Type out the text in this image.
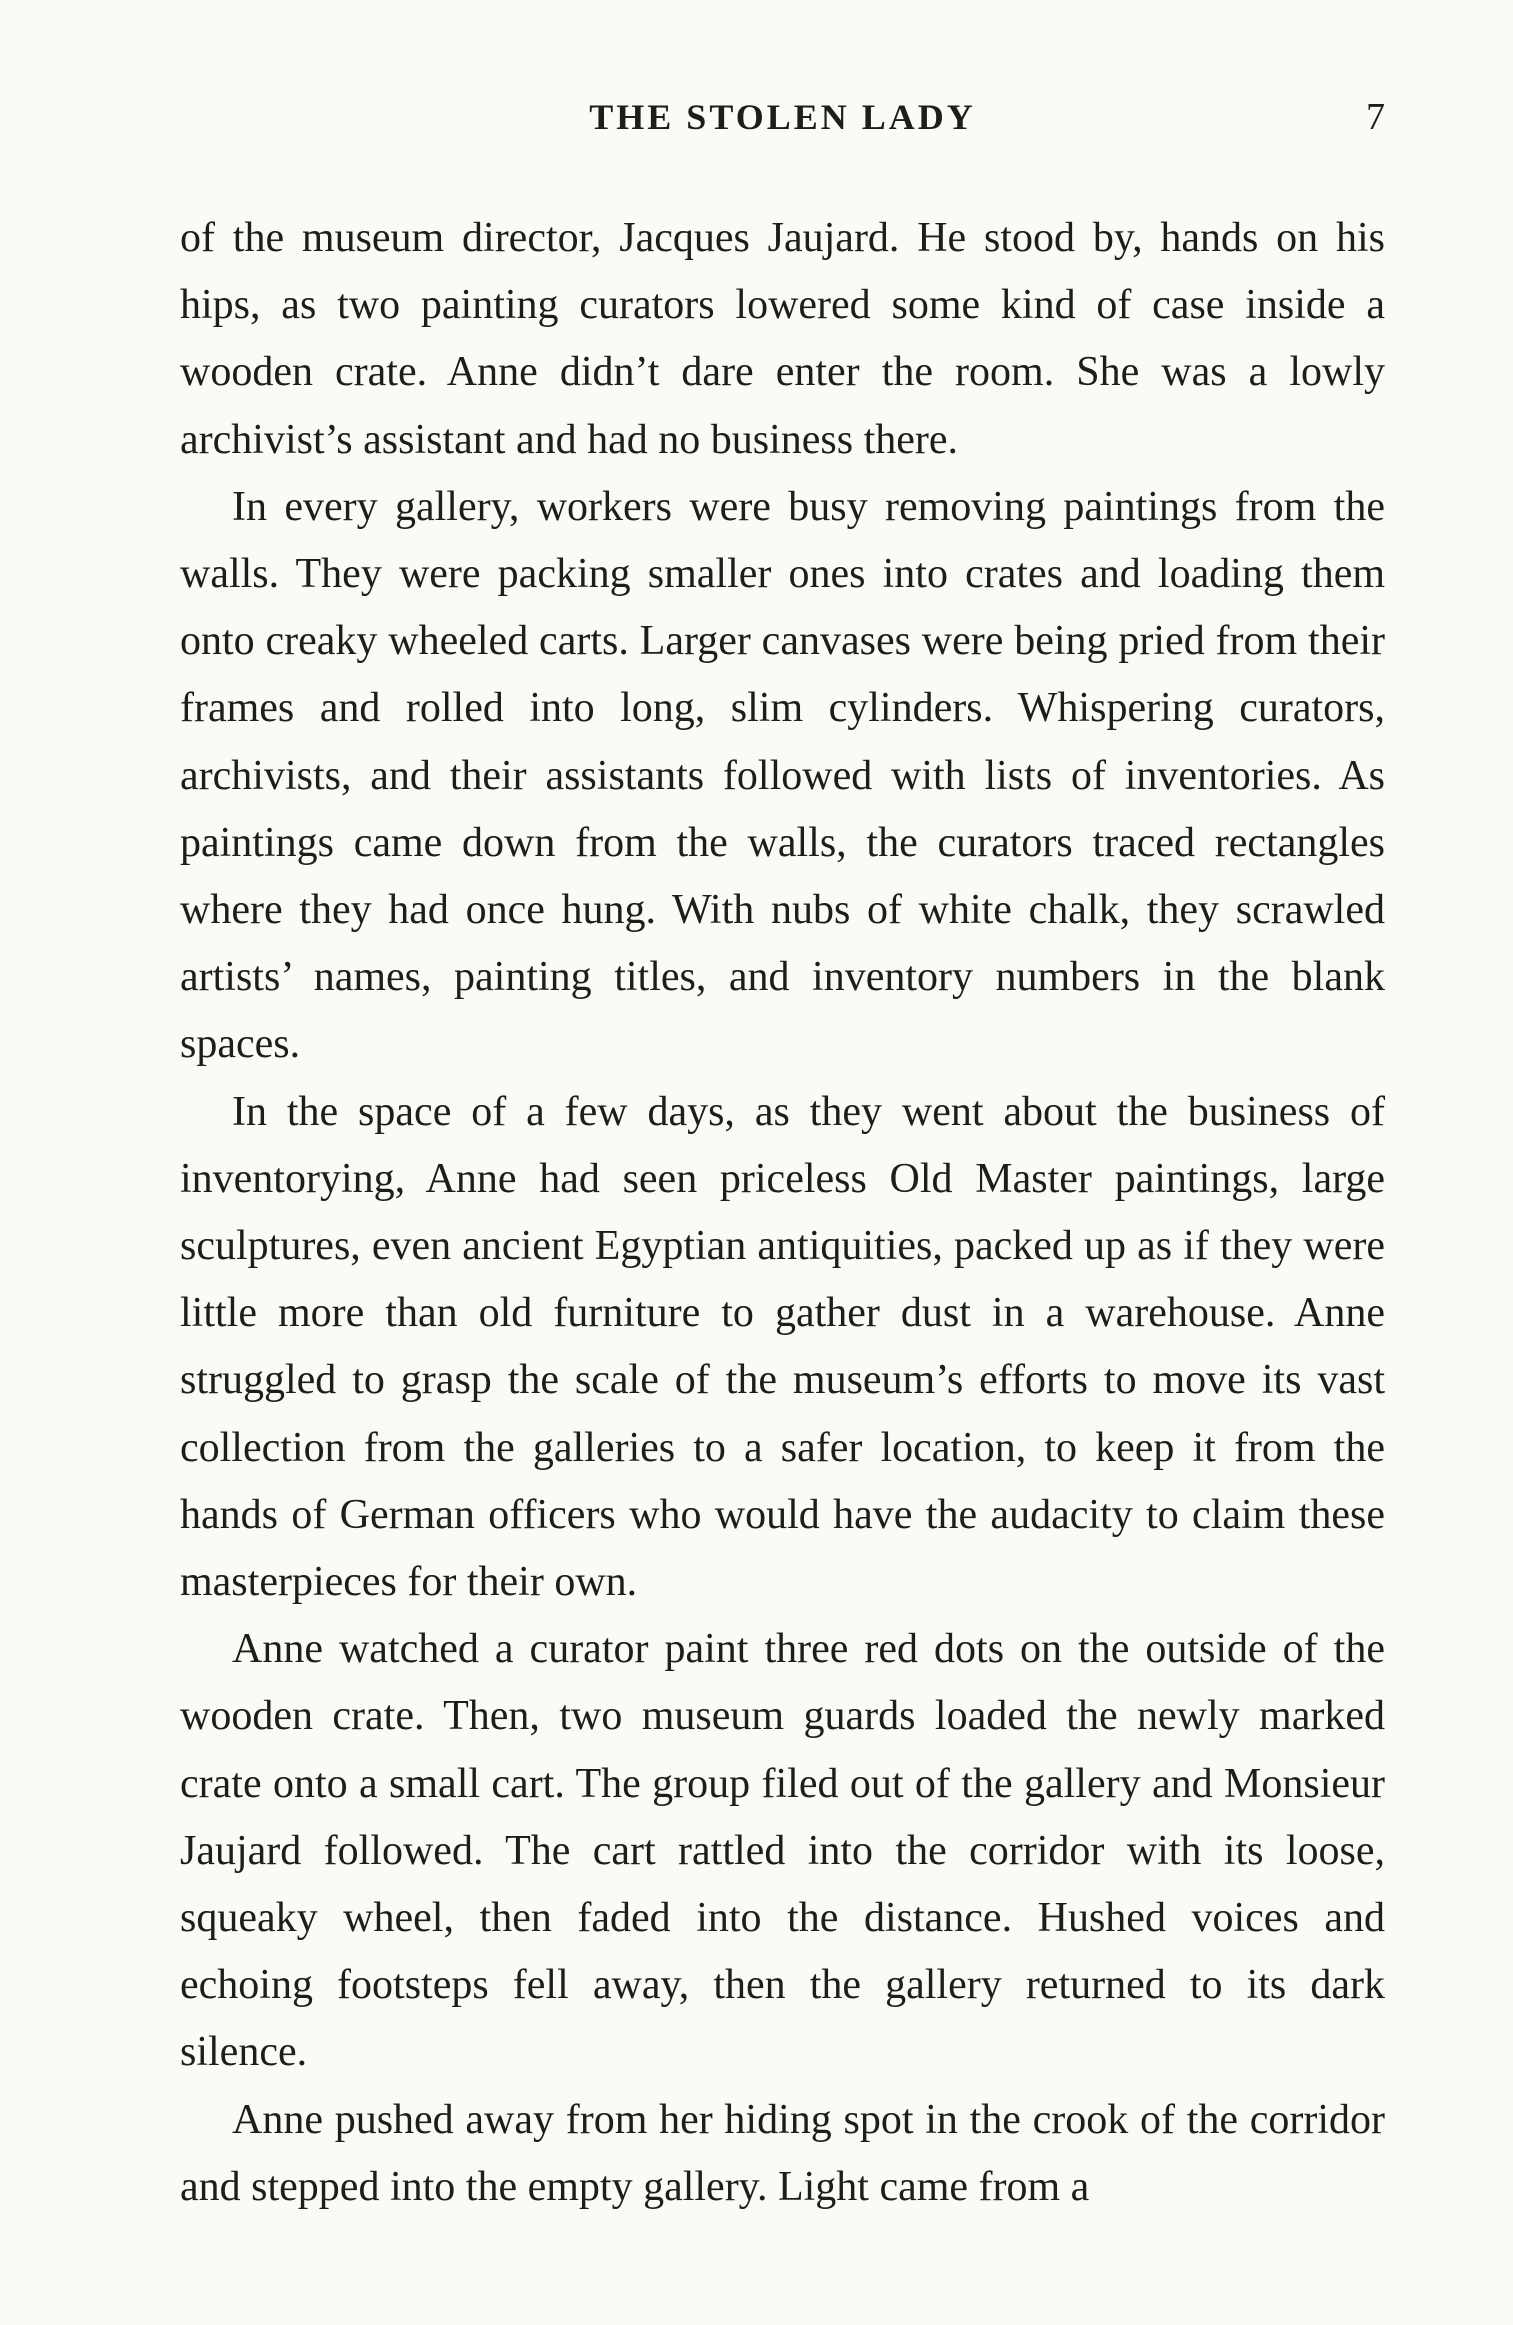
THE STOLEN LADY	7

of the museum director, Jacques Jaujard. He stood by, hands on his hips, as two painting curators lowered some kind of case inside a wooden crate. Anne didn’t dare enter the room. She was a lowly archivist’s assistant and had no business there.

In every gallery, workers were busy removing paintings from the walls. They were packing smaller ones into crates and loading them onto creaky wheeled carts. Larger canvases were being pried from their frames and rolled into long, slim cylinders. Whispering curators, archivists, and their assistants followed with lists of inventories. As paintings came down from the walls, the curators traced rectangles where they had once hung. With nubs of white chalk, they scrawled artists’ names, painting titles, and inventory numbers in the blank spaces.

In the space of a few days, as they went about the business of inventorying, Anne had seen priceless Old Master paintings, large sculptures, even ancient Egyptian antiquities, packed up as if they were little more than old furniture to gather dust in a warehouse. Anne struggled to grasp the scale of the museum’s efforts to move its vast collection from the galleries to a safer location, to keep it from the hands of German officers who would have the audacity to claim these masterpieces for their own.

Anne watched a curator paint three red dots on the outside of the wooden crate. Then, two museum guards loaded the newly marked crate onto a small cart. The group filed out of the gallery and Monsieur Jaujard followed. The cart rattled into the corridor with its loose, squeaky wheel, then faded into the distance. Hushed voices and echoing footsteps fell away, then the gallery returned to its dark silence.

Anne pushed away from her hiding spot in the crook of the corridor and stepped into the empty gallery. Light came from a
